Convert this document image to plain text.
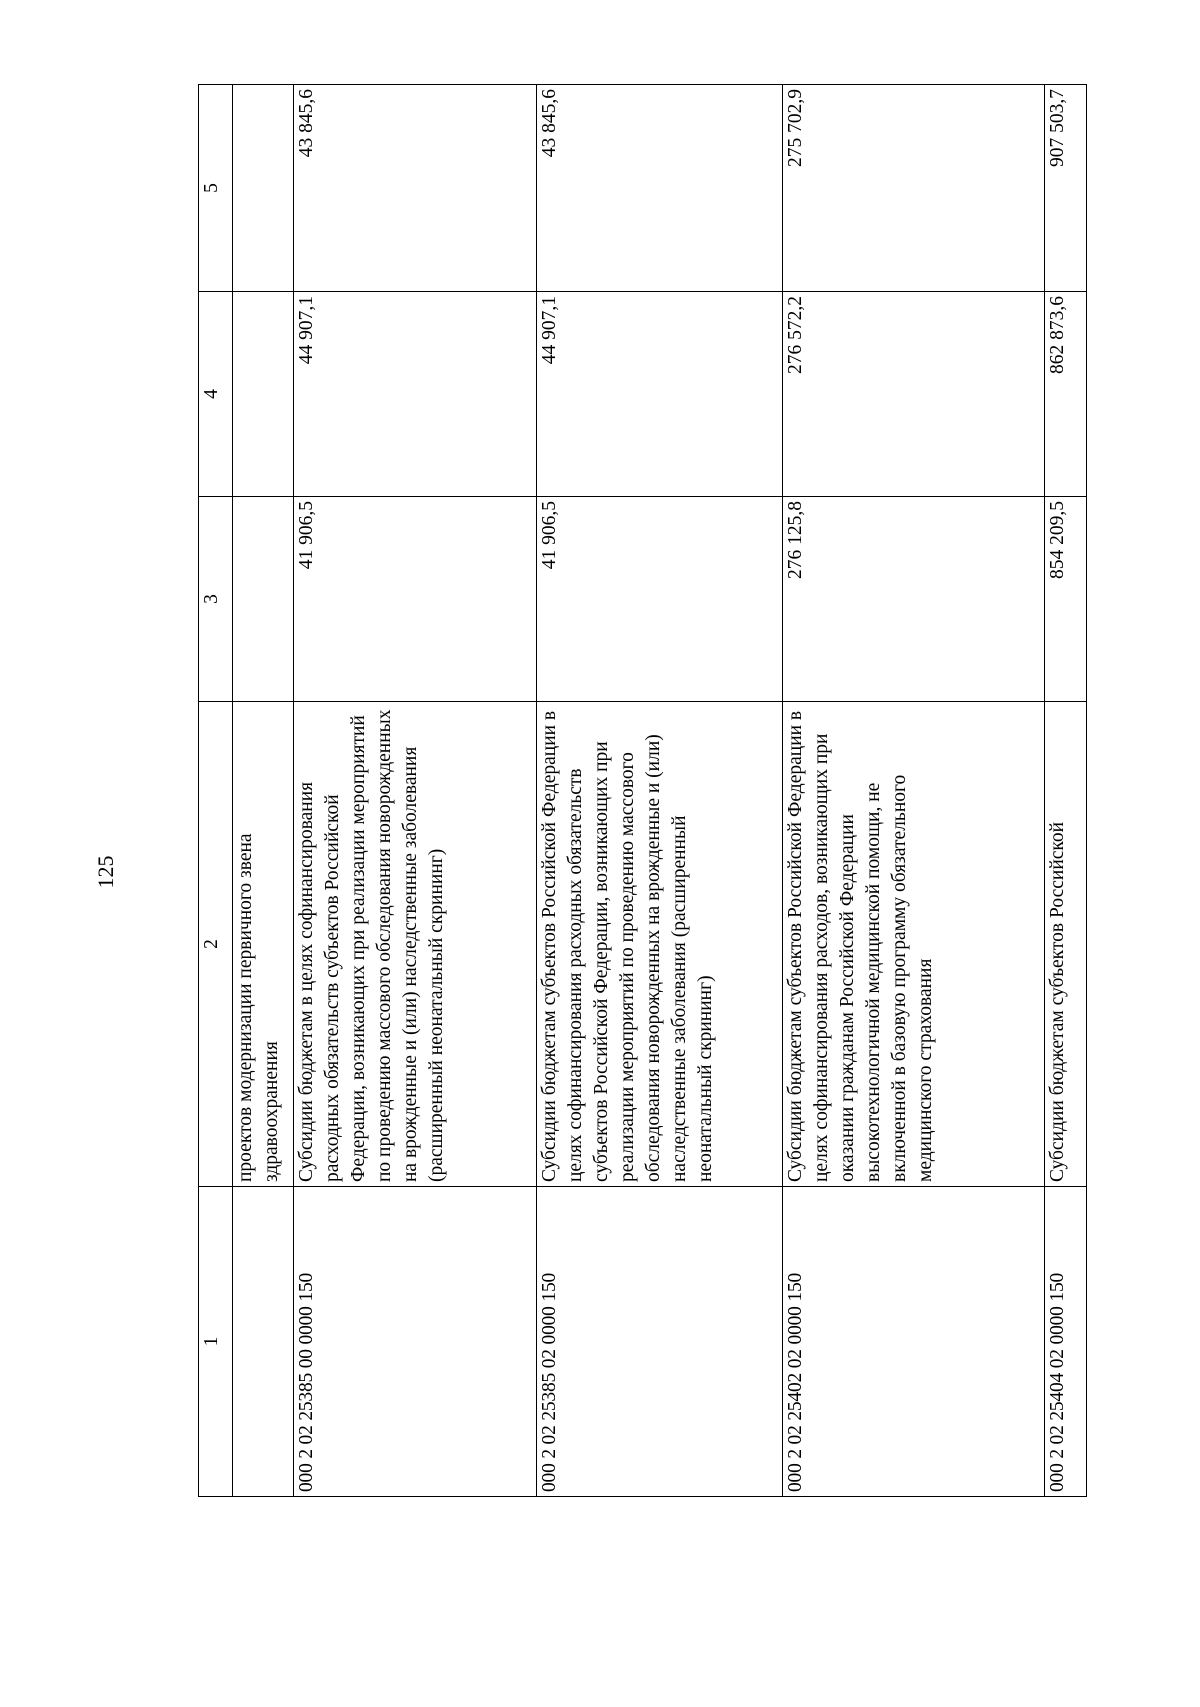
125
1	2	3	4	5
	проектов модернизации первичного звена здравоохранения			
000 2 02 25385 00 0000 150	Субсидии бюджетам в целях софинансирования расходных обязательств субъектов Российской Федерации, возникающих при реализации мероприятий по проведению массового обследования новорожденных на врожденные и (или) наследственные заболевания (расширенный неонатальный скрининг)	41 906,5	44 907,1	43 845,6
000 2 02 25385 02 0000 150	Субсидии бюджетам субъектов Российской Федерации в целях софинансирования расходных обязательств субъектов Российской Федерации, возникающих при реализации мероприятий по проведению массового обследования новорожденных на врожденные и (или) наследственные заболевания (расширенный неонатальный скрининг)	41 906,5	44 907,1	43 845,6
000 2 02 25402 02 0000 150	Субсидии бюджетам субъектов Российской Федерации в целях софинансирования расходов, возникающих при оказании гражданам Российской Федерации высокотехнологичной медицинской помощи, не включенной в базовую программу обязательного медицинского страхования	276 125,8	276 572,2	275 702,9
000 2 02 25404 02 0000 150	Субсидии бюджетам субъектов Российской	854 209,5	862 873,6	907 503,7
